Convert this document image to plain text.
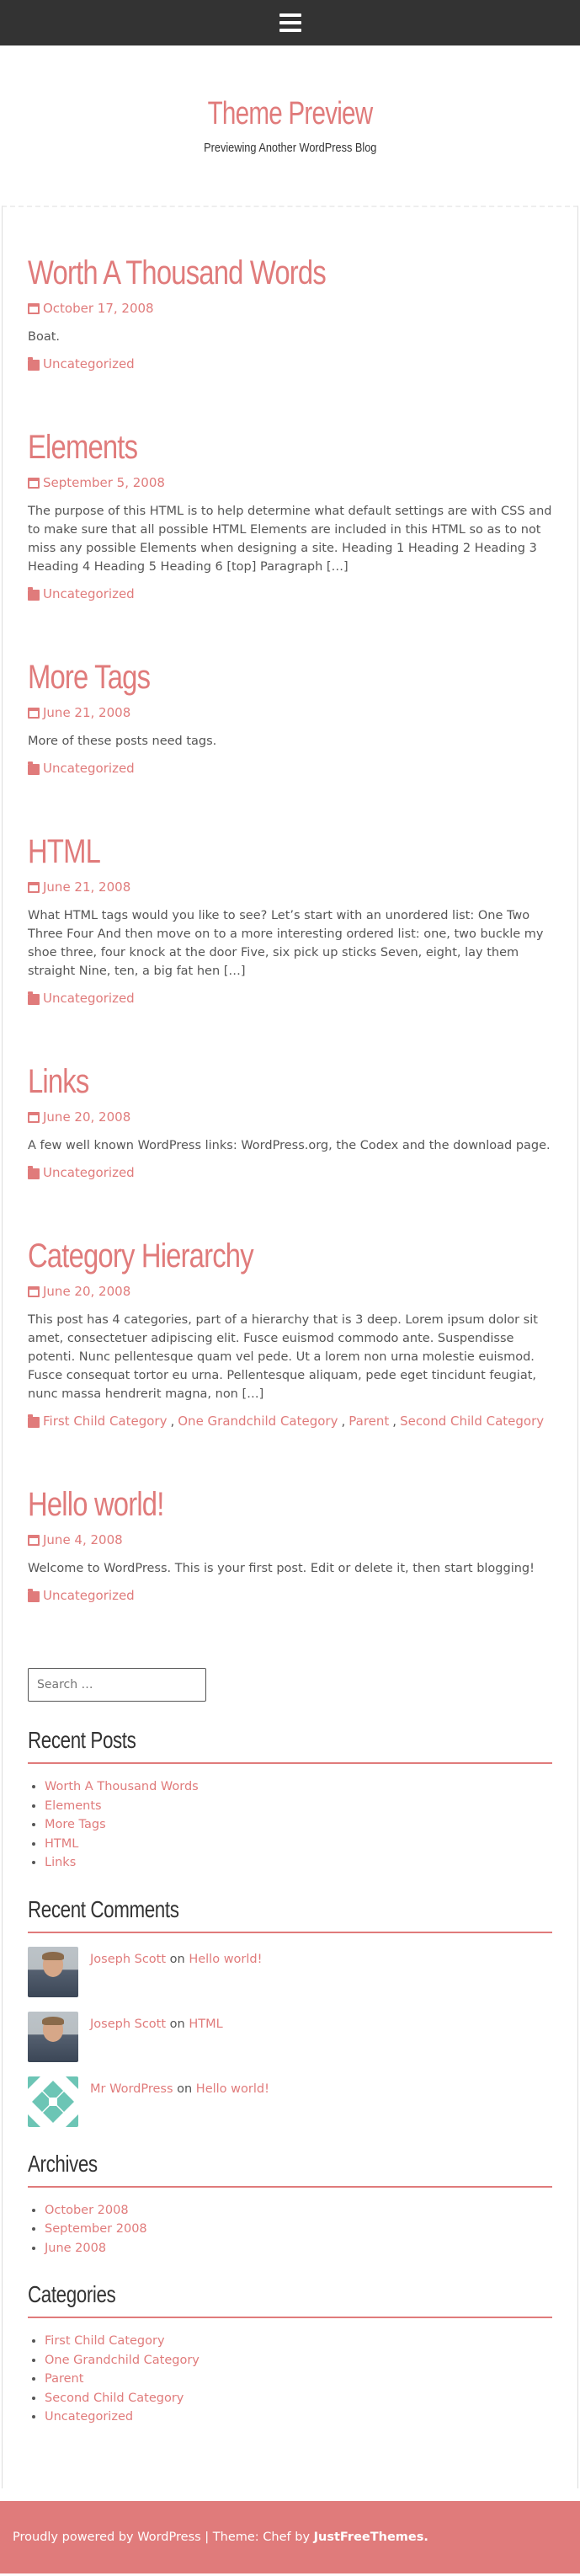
Theme Preview
Previewing Another WordPress Blog
Worth A Thousand Words
October 17, 2008

Boat.

Uncategorized
Elements
September 5, 2008

The purpose of this HTML is to help determine what default settings are with CSS and to make sure that all possible HTML Elements are included in this HTML so as to not miss any possible Elements when designing a site. Heading 1 Heading 2 Heading 3 Heading 4 Heading 5 Heading 6 [top] Paragraph […]

Uncategorized
More Tags
June 21, 2008

More of these posts need tags.

Uncategorized
HTML
June 21, 2008

What HTML tags would you like to see? Let’s start with an unordered list: One Two Three Four And then move on to a more interesting ordered list: one, two buckle my shoe three, four knock at the door Five, six pick up sticks Seven, eight, lay them straight Nine, ten, a big fat hen […]

Uncategorized
Links
June 20, 2008

A few well known WordPress links: WordPress.org, the Codex and the download page.

Uncategorized
Category Hierarchy
June 20, 2008

This post has 4 categories, part of a hierarchy that is 3 deep. Lorem ipsum dolor sit amet, consectetuer adipiscing elit. Fusce euismod commodo ante. Suspendisse potenti. Nunc pellentesque quam vel pede. Ut a lorem non urna molestie euismod. Fusce consequat tortor eu urna. Pellentesque aliquam, pede eget tincidunt feugiat, nunc massa hendrerit magna, non […]

First Child Category , One Grandchild Category , Parent , Second Child Category
Hello world!
June 4, 2008

Welcome to WordPress. This is your first post. Edit or delete it, then start blogging!

Uncategorized
Search …
Recent Posts
• Worth A Thousand Words
• Elements
• More Tags
• HTML
• Links
Recent Comments
Joseph Scott on Hello world!
Joseph Scott on HTML
Mr WordPress on Hello world!
Archives
• October 2008
• September 2008
• June 2008
Categories
• First Child Category
• One Grandchild Category
• Parent
• Second Child Category
• Uncategorized
Proudly powered by WordPress | Theme: Chef by JustFreeThemes.
